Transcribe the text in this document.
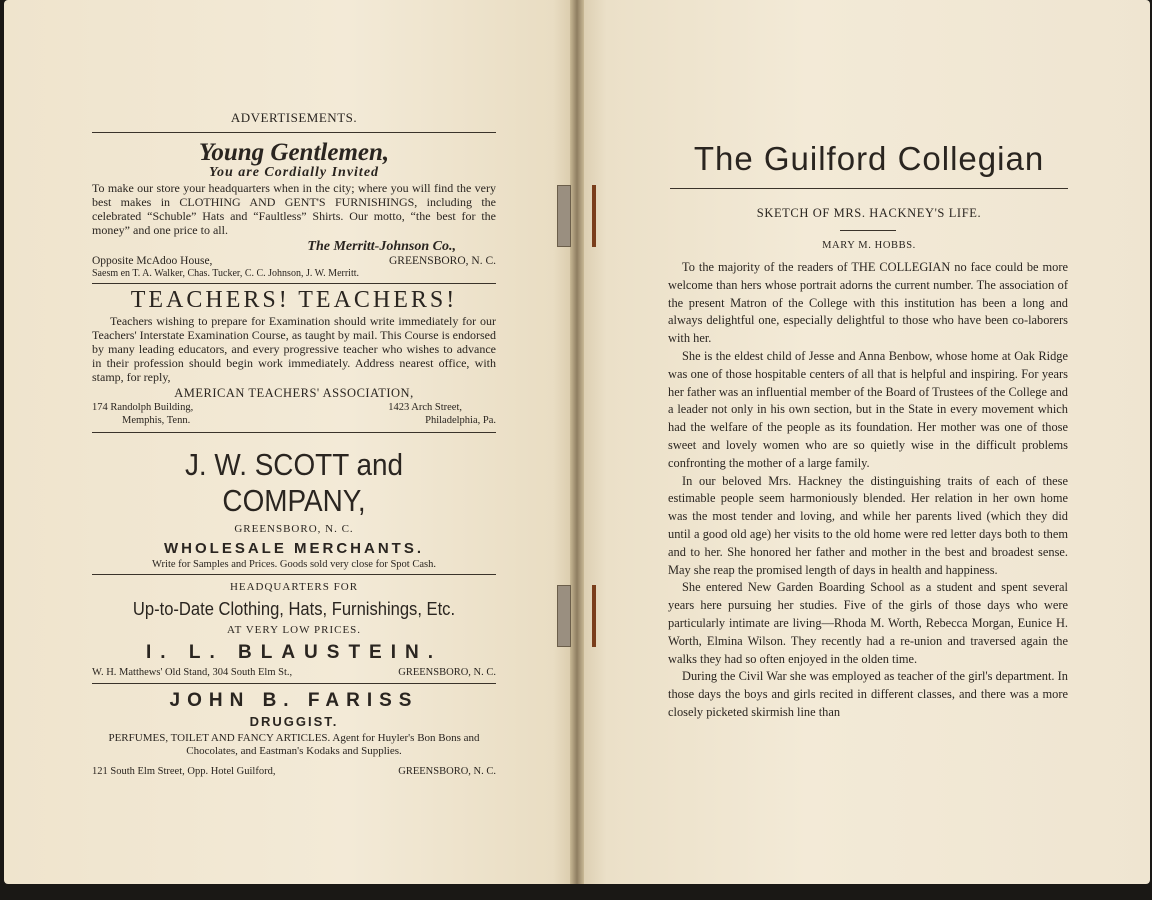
ADVERTISEMENTS.
Young Gentlemen,
You are Cordially Invited
To make our store your headquarters when in the city; where you will find the very best makes in CLOTHING AND GENT'S FURNISHINGS, including the celebrated “Schuble” Hats and “Faultless” Shirts. Our motto, “the best for the money” and one price to all.
The Merritt-Johnson Co.,
Opposite McAdoo House,	GREENSBORO, N. C.
Saesm en T. A. Walker, Chas. Tucker, C. C. Johnson, J. W. Merritt.
TEACHERS! TEACHERS!
Teachers wishing to prepare for Examination should write immediately for our Teachers' Interstate Examination Course, as taught by mail. This Course is endorsed by many leading educators, and every progressive teacher who wishes to advance in their profession should begin work immediately. Address nearest office, with stamp, for reply,
AMERICAN TEACHERS' ASSOCIATION,
174 Randolph Building,	1423 Arch Street,
Memphis, Tenn.	Philadelphia, Pa.
J. W. SCOTT and COMPANY,
GREENSBORO, N. C.
WHOLESALE MERCHANTS.
Write for Samples and Prices. Goods sold very close for Spot Cash.
HEADQUARTERS FOR
Up-to-Date Clothing, Hats, Furnishings, Etc.
AT VERY LOW PRICES.
I. L. BLAUSTEIN.
W. H. Matthews' Old Stand, 304 South Elm St.,	GREENSBORO, N. C.
JOHN B. FARISS
DRUGGIST.
PERFUMES, TOILET AND FANCY ARTICLES. Agent for Huyler's Bon Bons and Chocolates, and Eastman's Kodaks and Supplies.
121 South Elm Street, Opp. Hotel Guilford,	GREENSBORO, N. C.
The Guilford Collegian
SKETCH OF MRS. HACKNEY'S LIFE.
MARY M. HOBBS.

To the majority of the readers of THE COLLEGIAN no face could be more welcome than hers whose portrait adorns the current number. The association of the present Matron of the College with this institution has been a long and always delightful one, especially delightful to those who have been co-laborers with her.

She is the eldest child of Jesse and Anna Benbow, whose home at Oak Ridge was one of those hospitable centers of all that is helpful and inspiring. For years her father was an influential member of the Board of Trustees of the College and a leader not only in his own section, but in the State in every movement which had the welfare of the people as its foundation. Her mother was one of those sweet and lovely women who are so quietly wise in the difficult problems confronting the mother of a large family.

In our beloved Mrs. Hackney the distinguishing traits of each of these estimable people seem harmoniously blended. Her relation in her own home was the most tender and loving, and while her parents lived (which they did until a good old age) her visits to the old home were red letter days both to them and to her. She honored her father and mother in the best and broadest sense. May she reap the promised length of days in health and happiness.

She entered New Garden Boarding School as a student and spent several years here pursuing her studies. Five of the girls of those days who were particularly intimate are living—Rhoda M. Worth, Rebecca Morgan, Eunice H. Worth, Elmina Wilson. They recently had a re-union and traversed again the walks they had so often enjoyed in the olden time.

During the Civil War she was employed as teacher of the girl's department. In those days the boys and girls recited in different classes, and there was a more closely picketed skirmish line than
